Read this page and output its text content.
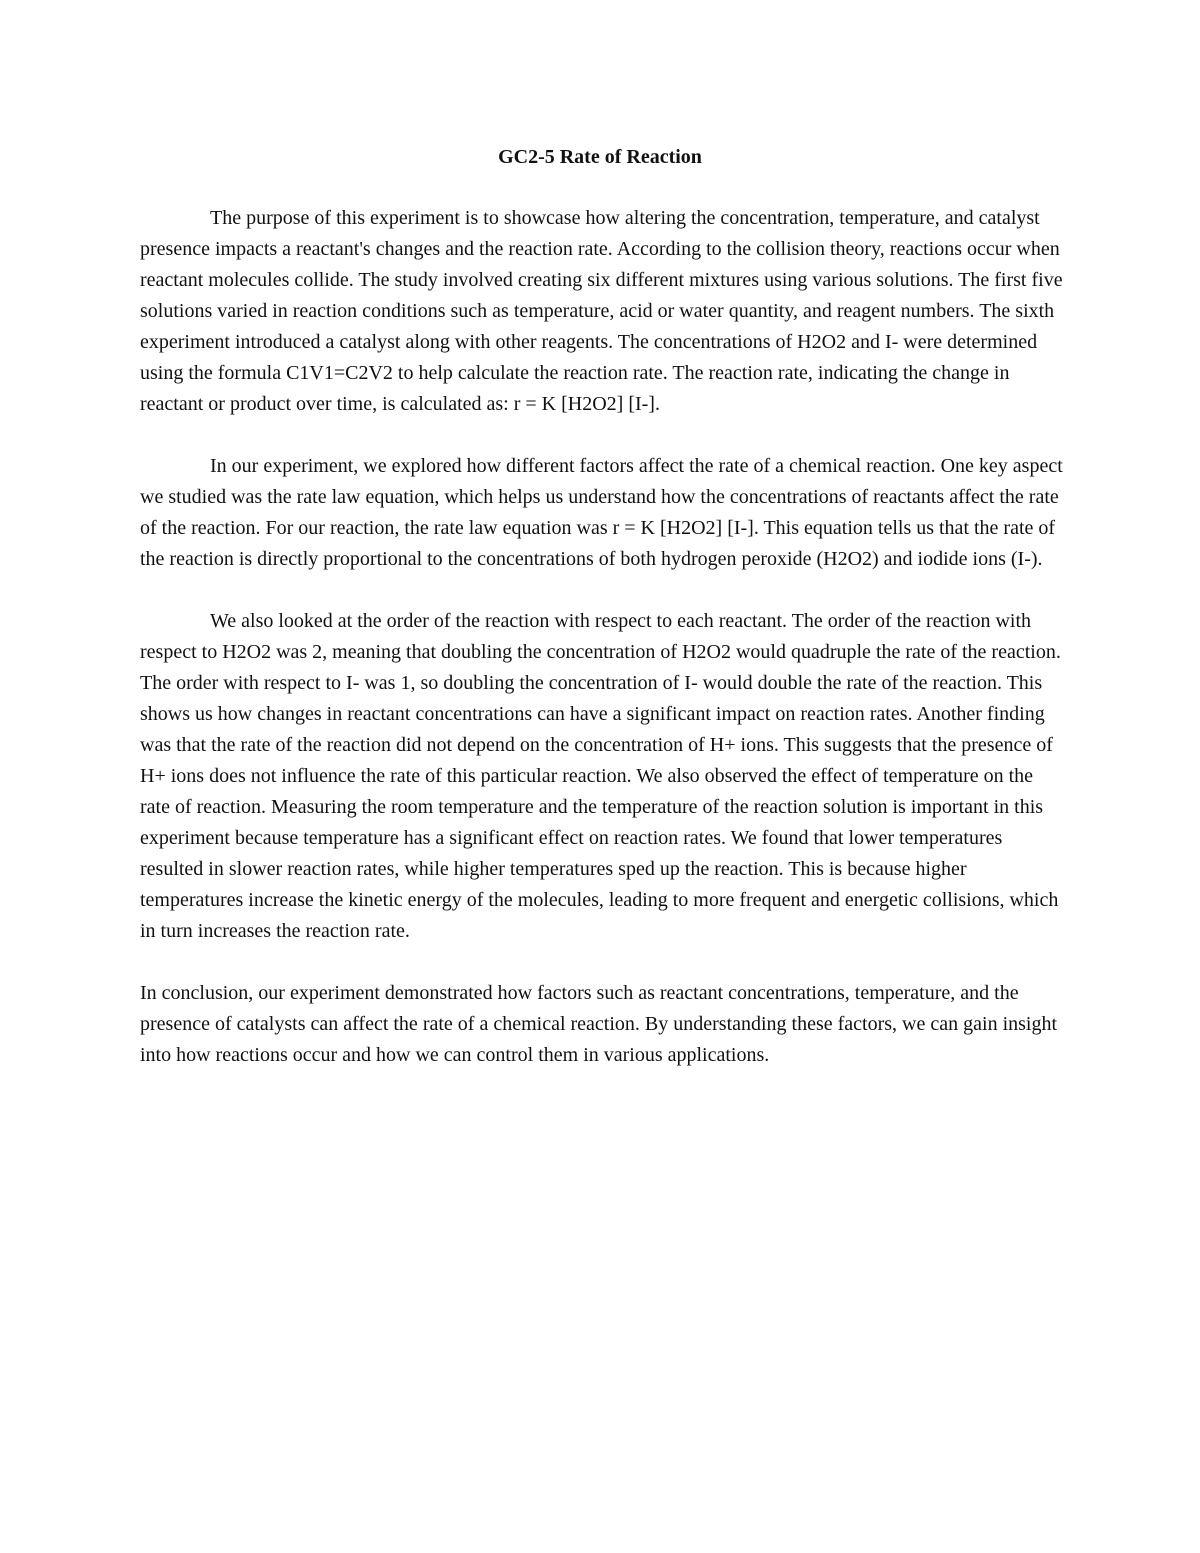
GC2-5 Rate of Reaction

The purpose of this experiment is to showcase how altering the concentration, temperature, and catalyst presence impacts a reactant's changes and the reaction rate. According to the collision theory, reactions occur when reactant molecules collide. The study involved creating six different mixtures using various solutions. The first five solutions varied in reaction conditions such as temperature, acid or water quantity, and reagent numbers. The sixth experiment introduced a catalyst along with other reagents. The concentrations of H2O2 and I- were determined using the formula C1V1=C2V2 to help calculate the reaction rate. The reaction rate, indicating the change in reactant or product over time, is calculated as: r = K [H2O2] [I-].

In our experiment, we explored how different factors affect the rate of a chemical reaction. One key aspect we studied was the rate law equation, which helps us understand how the concentrations of reactants affect the rate of the reaction. For our reaction, the rate law equation was r = K [H2O2] [I-]. This equation tells us that the rate of the reaction is directly proportional to the concentrations of both hydrogen peroxide (H2O2) and iodide ions (I-).

We also looked at the order of the reaction with respect to each reactant. The order of the reaction with respect to H2O2 was 2, meaning that doubling the concentration of H2O2 would quadruple the rate of the reaction. The order with respect to I- was 1, so doubling the concentration of I- would double the rate of the reaction. This shows us how changes in reactant concentrations can have a significant impact on reaction rates. Another finding was that the rate of the reaction did not depend on the concentration of H+ ions. This suggests that the presence of H+ ions does not influence the rate of this particular reaction. We also observed the effect of temperature on the rate of reaction. Measuring the room temperature and the temperature of the reaction solution is important in this experiment because temperature has a significant effect on reaction rates. We found that lower temperatures resulted in slower reaction rates, while higher temperatures sped up the reaction. This is because higher temperatures increase the kinetic energy of the molecules, leading to more frequent and energetic collisions, which in turn increases the reaction rate.

In conclusion, our experiment demonstrated how factors such as reactant concentrations, temperature, and the presence of catalysts can affect the rate of a chemical reaction. By understanding these factors, we can gain insight into how reactions occur and how we can control them in various applications.
